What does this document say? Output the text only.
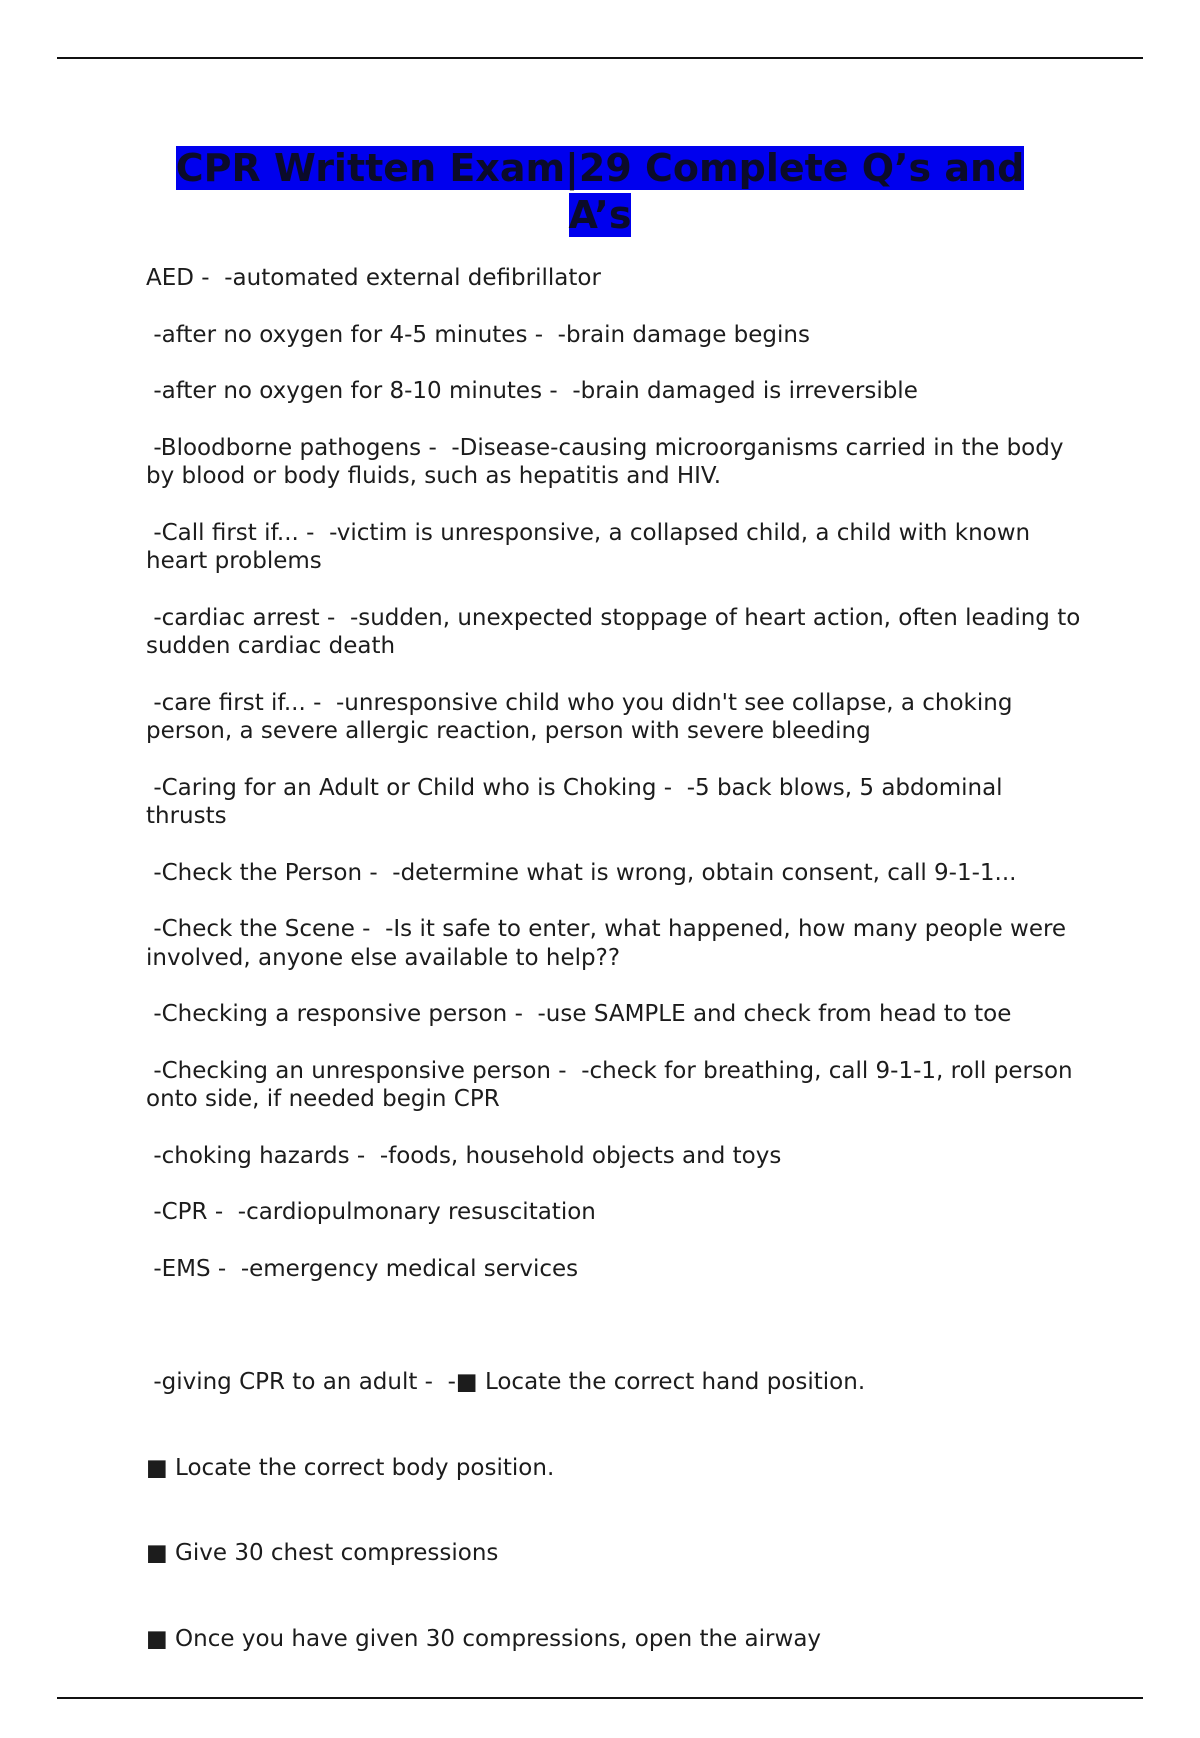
CPR Written Exam|29 Complete Q’s and
A’s
AED -  -automated external defibrillator
-after no oxygen for 4-5 minutes -  -brain damage begins
-after no oxygen for 8-10 minutes -  -brain damaged is irreversible
-Bloodborne pathogens -  -Disease-causing microorganisms carried in the body by blood or body fluids, such as hepatitis and HIV.
-Call first if... -  -victim is unresponsive, a collapsed child, a child with known heart problems
-cardiac arrest -  -sudden, unexpected stoppage of heart action, often leading to sudden cardiac death
-care first if... -  -unresponsive child who you didn't see collapse, a choking person, a severe allergic reaction, person with severe bleeding
-Caring for an Adult or Child who is Choking -  -5 back blows, 5 abdominal thrusts
-Check the Person -  -determine what is wrong, obtain consent, call 9-1-1...
-Check the Scene -  -Is it safe to enter, what happened, how many people were involved, anyone else available to help??
-Checking a responsive person -  -use SAMPLE and check from head to toe
-Checking an unresponsive person -  -check for breathing, call 9-1-1, roll person onto side, if needed begin CPR
-choking hazards -  -foods, household objects and toys
-CPR -  -cardiopulmonary resuscitation
-EMS -  -emergency medical services

-giving CPR to an adult -  -■ Locate the correct hand position.

■ Locate the correct body position.

■ Give 30 chest compressions

■ Once you have given 30 compressions, open the airway
